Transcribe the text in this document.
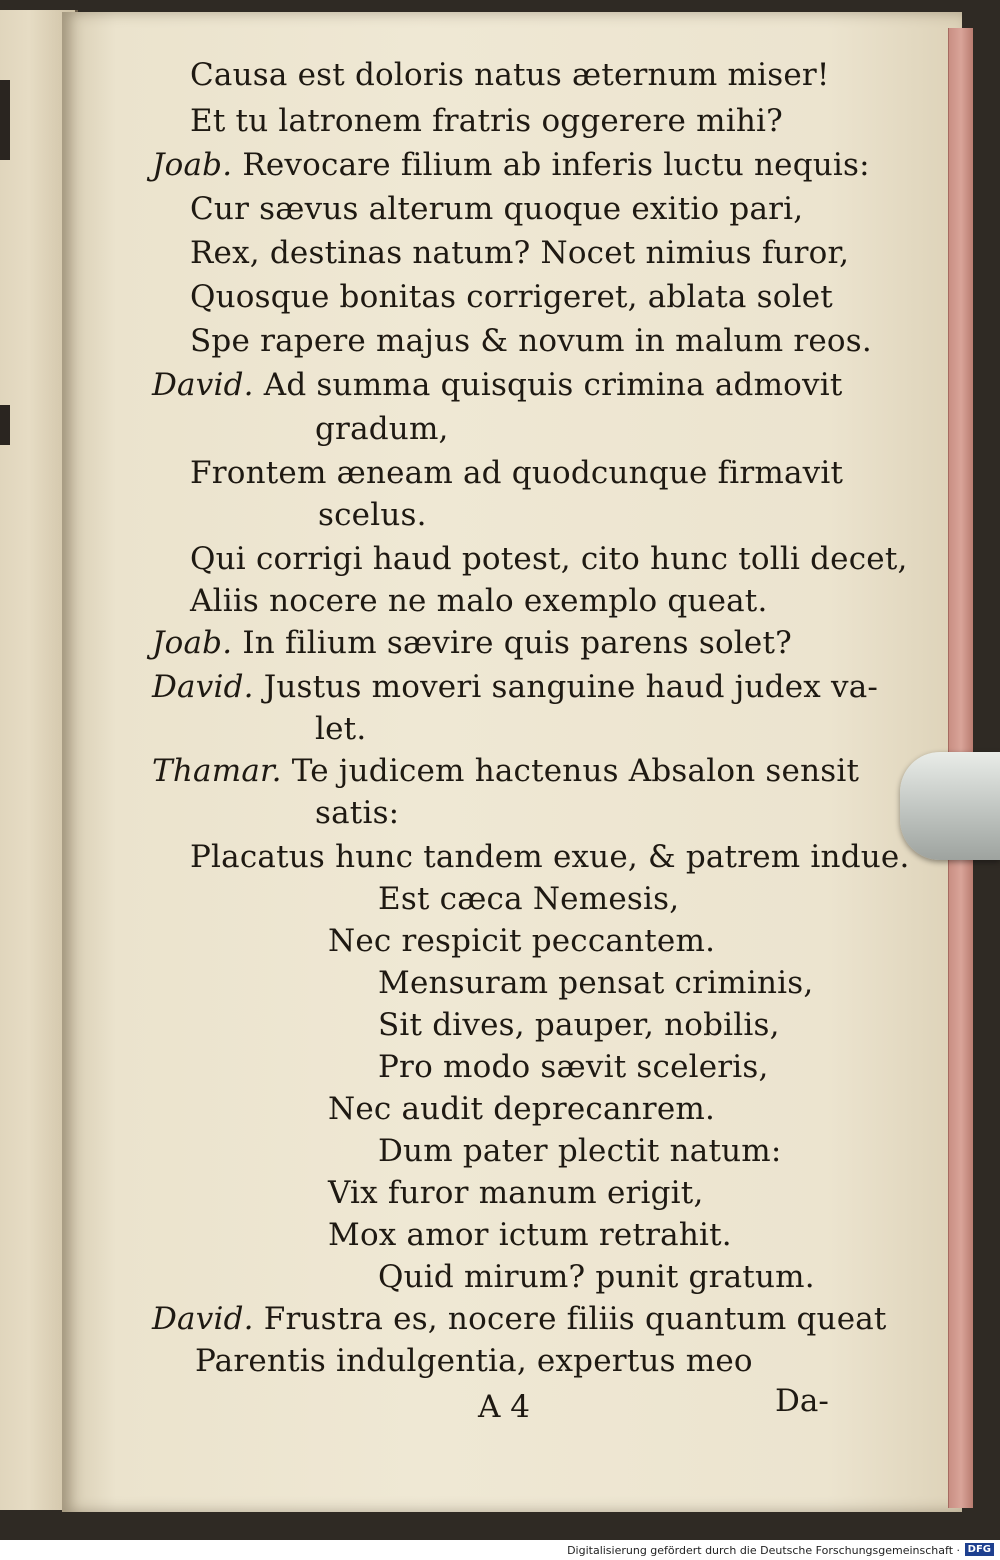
Causa est doloris natus æternum miser!
Et tu latronem fratris oggerere mihi?
Joab. Revocare filium ab inferis luctu nequis:
Cur sævus alterum quoque exitio pari,
Rex, destinas natum? Nocet nimius furor,
Quosque bonitas corrigeret, ablata solet
Spe rapere majus & novum in malum reos.
David. Ad summa quisquis crimina admovit
gradum,
Frontem æneam ad quodcunque firmavit
scelus.
Qui corrigi haud potest, cito hunc tolli decet,
Aliis nocere ne malo exemplo queat.
Joab. In filium sævire quis parens solet?
David. Justus moveri sanguine haud judex va-
let.
Thamar. Te judicem hactenus Absalon sensit
satis:
Placatus hunc tandem exue, & patrem indue.
Est cæca Nemesis,
Nec respicit peccantem.
Mensuram pensat criminis,
Sit dives, pauper, nobilis,
Pro modo sævit sceleris,
Nec audit deprecanrem.
Dum pater plectit natum:
Vix furor manum erigit,
Mox amor ictum retrahit.
Quid mirum? punit gratum.
David. Frustra es, nocere filiis quantum queat
Parentis indulgentia, expertus meo
A 4	Da-
Digitalisierung gefördert durch die Deutsche Forschungsgemeinschaft · DFG
